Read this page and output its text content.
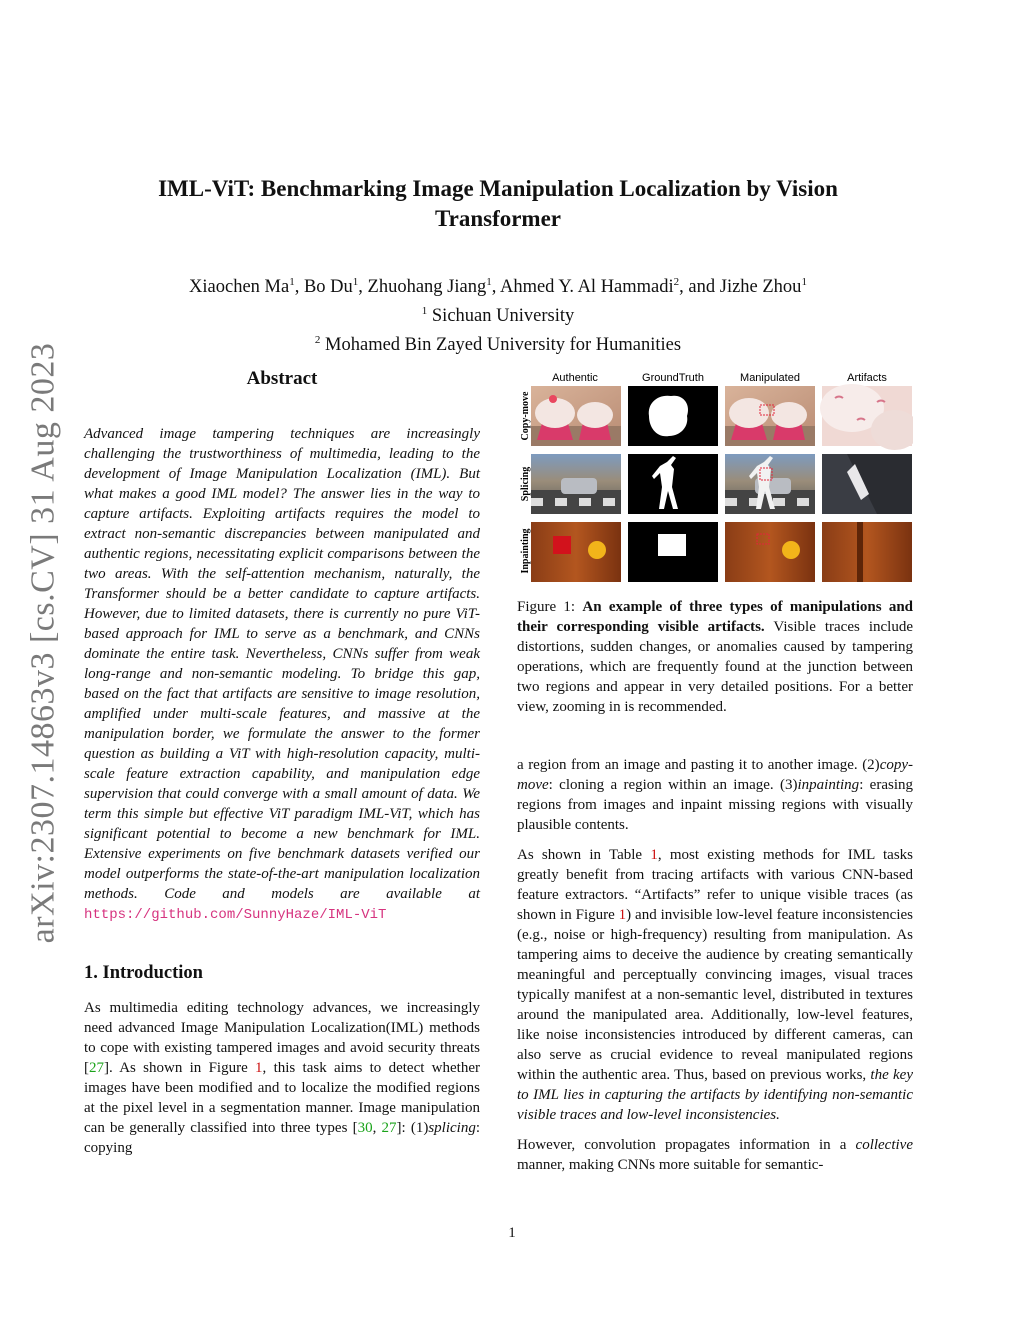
arXiv:2307.14863v3 [cs.CV] 31 Aug 2023
IML-ViT: Benchmarking Image Manipulation Localization by Vision Transformer
Xiaochen Ma$^1$, Bo Du$^1$, Zhuohang Jiang$^1$, Ahmed Y. Al Hammadi$^2$, and Jizhe Zhou$^1$
$^1$ Sichuan University
$^2$ Mohamed Bin Zayed University for Humanities
Abstract

Advanced image tampering techniques are increasingly challenging the trustworthiness of multimedia, leading to the development of Image Manipulation Localization (IML). But what makes a good IML model? The answer lies in the way to capture artifacts. Exploiting artifacts requires the model to extract non-semantic discrepancies between manipulated and authentic regions, necessitating explicit comparisons between the two areas. With the self-attention mechanism, naturally, the Transformer should be a better candidate to capture artifacts. However, due to limited datasets, there is currently no pure ViT-based approach for IML to serve as a benchmark, and CNNs dominate the entire task. Nevertheless, CNNs suffer from weak long-range and non-semantic modeling. To bridge this gap, based on the fact that artifacts are sensitive to image resolution, amplified under multi-scale features, and massive at the manipulation border, we formulate the answer to the former question as building a ViT with high-resolution capacity, multi-scale feature extraction capability, and manipulation edge supervision that could converge with a small amount of data. We term this simple but effective ViT paradigm IML-ViT, which has significant potential to become a new benchmark for IML. Extensive experiments on five benchmark datasets verified our model outperforms the state-of-the-art manipulation localization methods. Code and models are available at https://github.com/SunnyHaze/IML-ViT

1. Introduction

As multimedia editing technology advances, we increasingly need advanced Image Manipulation Localization(IML) methods to cope with existing tampered images and avoid security threats [27]. As shown in Figure 1, this task aims to detect whether images have been modified and to localize the modified regions at the pixel level in a segmentation manner. Image manipulation can be generally classified into three types [30, 27]: (1)splicing: copying

Authentic	GroundTruth	Manipulated	Artifacts
Copy-move
Splicing
Inpainting

Figure 1: An example of three types of manipulations and their corresponding visible artifacts. Visible traces include distortions, sudden changes, or anomalies caused by tampering operations, which are frequently found at the junction between two regions and appear in very detailed positions. For a better view, zooming in is recommended.

a region from an image and pasting it to another image. (2)copy-move: cloning a region within an image. (3)inpainting: erasing regions from images and inpaint missing regions with visually plausible contents.

As shown in Table 1, most existing methods for IML tasks greatly benefit from tracing artifacts with various CNN-based feature extractors. “Artifacts” refer to unique visible traces (as shown in Figure 1) and invisible low-level feature inconsistencies (e.g., noise or high-frequency) resulting from manipulation. As tampering aims to deceive the audience by creating semantically meaningful and perceptually convincing images, visual traces typically manifest at a non-semantic level, distributed in textures around the manipulated area. Additionally, low-level features, like noise inconsistencies introduced by different cameras, can also serve as crucial evidence to reveal manipulated regions within the authentic area. Thus, based on previous works, the key to IML lies in capturing the artifacts by identifying non-semantic visible traces and low-level inconsistencies.

However, convolution propagates information in a collective manner, making CNNs more suitable for semantic-

1
